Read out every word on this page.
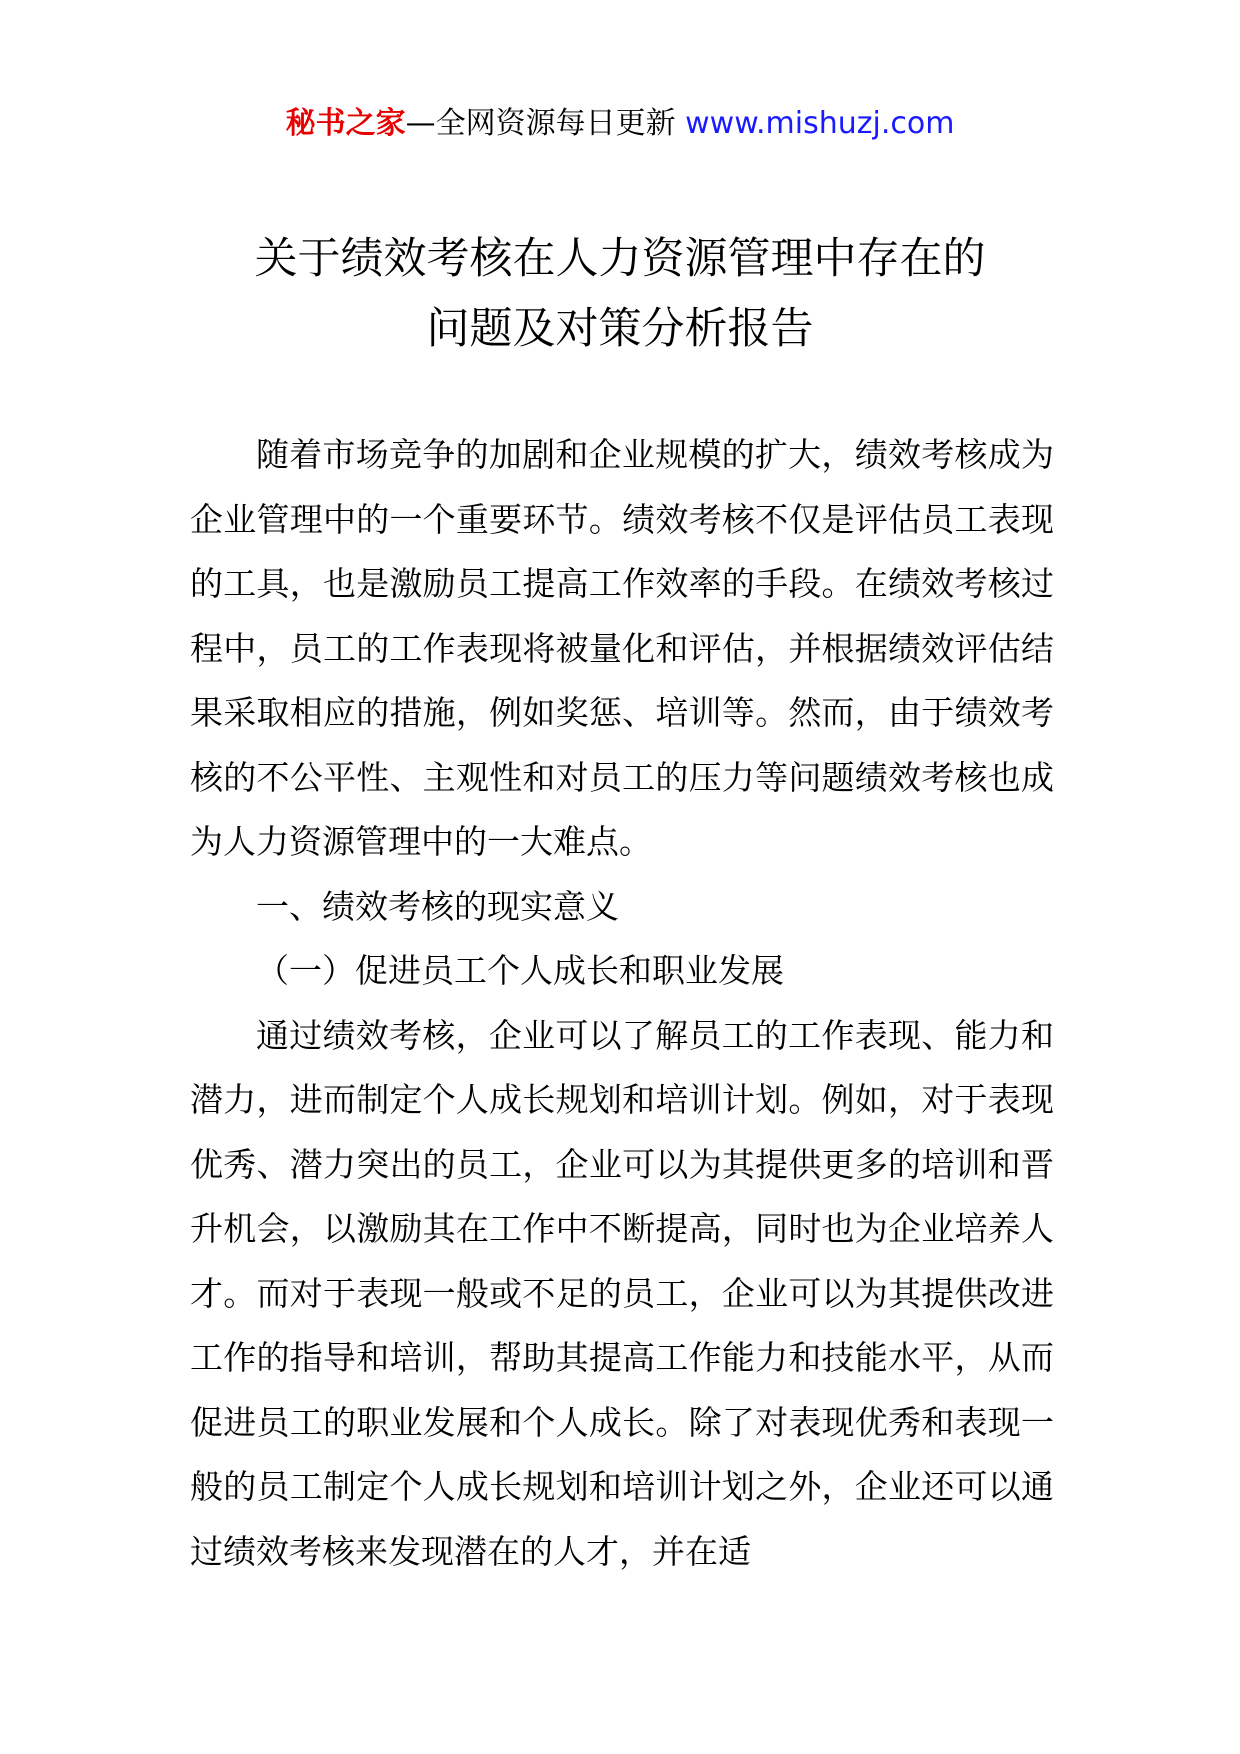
秘书之家—全网资源每日更新 www.mishuzj.com
关于绩效考核在人力资源管理中存在的
问题及对策分析报告

随着市场竞争的加剧和企业规模的扩大，绩效考核成为企业管理中的一个重要环节。绩效考核不仅是评估员工表现的工具，也是激励员工提高工作效率的手段。在绩效考核过程中，员工的工作表现将被量化和评估，并根据绩效评估结果采取相应的措施，例如奖惩、培训等。然而，由于绩效考核的不公平性、主观性和对员工的压力等问题绩效考核也成为人力资源管理中的一大难点。

一、绩效考核的现实意义

（一）促进员工个人成长和职业发展

通过绩效考核，企业可以了解员工的工作表现、能力和潜力，进而制定个人成长规划和培训计划。例如，对于表现优秀、潜力突出的员工，企业可以为其提供更多的培训和晋升机会，以激励其在工作中不断提高，同时也为企业培养人才。而对于表现一般或不足的员工，企业可以为其提供改进工作的指导和培训，帮助其提高工作能力和技能水平，从而促进员工的职业发展和个人成长。除了对表现优秀和表现一般的员工制定个人成长规划和培训计划之外，企业还可以通过绩效考核来发现潜在的人才，并在适
